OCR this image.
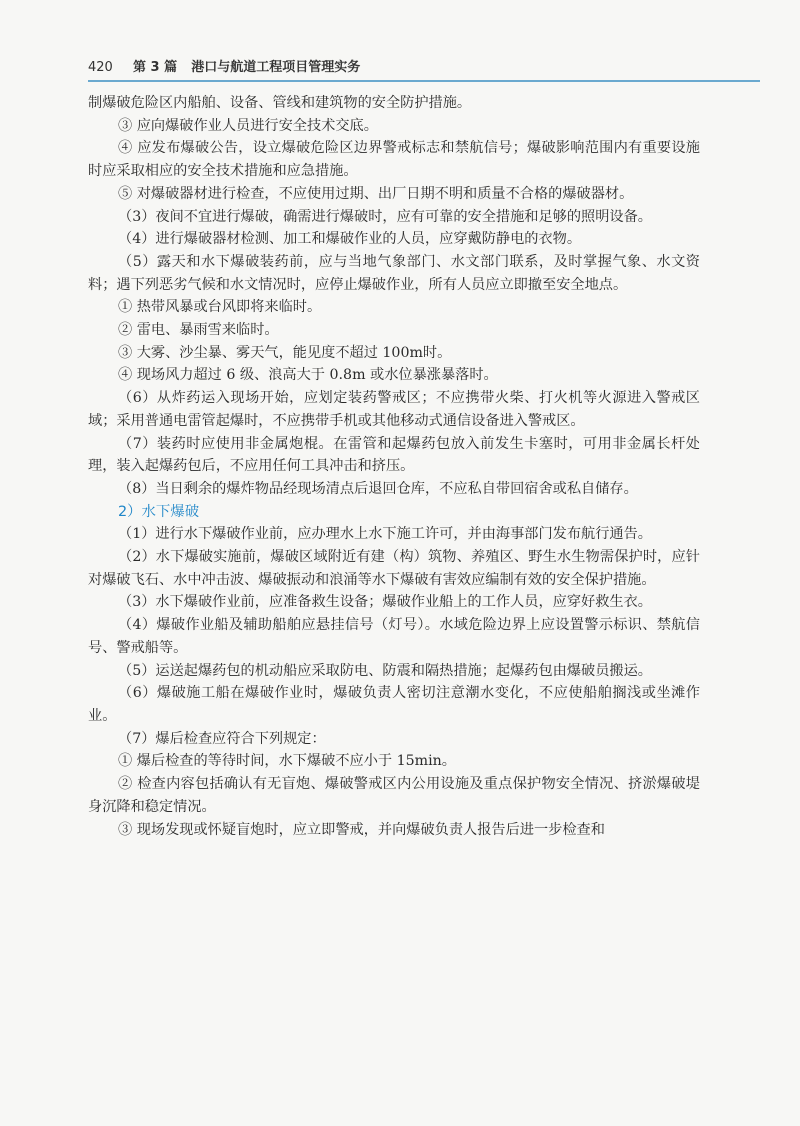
420 第 3 篇 港口与航道工程项目管理实务

制爆破危险区内船舶、设备、管线和建筑物的安全防护措施。

③ 应向爆破作业人员进行安全技术交底。

④ 应发布爆破公告，设立爆破危险区边界警戒标志和禁航信号；爆破影响范围内有重要设施时应采取相应的安全技术措施和应急措施。

⑤ 对爆破器材进行检查，不应使用过期、出厂日期不明和质量不合格的爆破器材。

（3）夜间不宜进行爆破，确需进行爆破时，应有可靠的安全措施和足够的照明设备。

（4）进行爆破器材检测、加工和爆破作业的人员，应穿戴防静电的衣物。

（5）露天和水下爆破装药前，应与当地气象部门、水文部门联系，及时掌握气象、水文资料；遇下列恶劣气候和水文情况时，应停止爆破作业，所有人员应立即撤至安全地点。

① 热带风暴或台风即将来临时。

② 雷电、暴雨雪来临时。

③ 大雾、沙尘暴、雾天气，能见度不超过 100m时。

④ 现场风力超过 6 级、浪高大于 0.8m 或水位暴涨暴落时。

（6）从炸药运入现场开始，应划定装药警戒区；不应携带火柴、打火机等火源进入警戒区域；采用普通电雷管起爆时，不应携带手机或其他移动式通信设备进入警戒区。

（7）装药时应使用非金属炮棍。在雷管和起爆药包放入前发生卡塞时，可用非金属长杆处理，装入起爆药包后，不应用任何工具冲击和挤压。

（8）当日剩余的爆炸物品经现场清点后退回仓库，不应私自带回宿舍或私自储存。

2）水下爆破

（1）进行水下爆破作业前，应办理水上水下施工许可，并由海事部门发布航行通告。

（2）水下爆破实施前，爆破区域附近有建（构）筑物、养殖区、野生水生物需保护时，应针对爆破飞石、水中冲击波、爆破振动和浪涌等水下爆破有害效应编制有效的安全保护措施。

（3）水下爆破作业前，应准备救生设备；爆破作业船上的工作人员，应穿好救生衣。

（4）爆破作业船及辅助船舶应悬挂信号（灯号）。水域危险边界上应设置警示标识、禁航信号、警戒船等。

（5）运送起爆药包的机动船应采取防电、防震和隔热措施；起爆药包由爆破员搬运。

（6）爆破施工船在爆破作业时，爆破负责人密切注意潮水变化，不应使船舶搁浅或坐滩作业。

（7）爆后检查应符合下列规定：

① 爆后检查的等待时间，水下爆破不应小于 15min。

② 检查内容包括确认有无盲炮、爆破警戒区内公用设施及重点保护物安全情况、挤淤爆破堤身沉降和稳定情况。

③ 现场发现或怀疑盲炮时，应立即警戒，并向爆破负责人报告后进一步检查和
